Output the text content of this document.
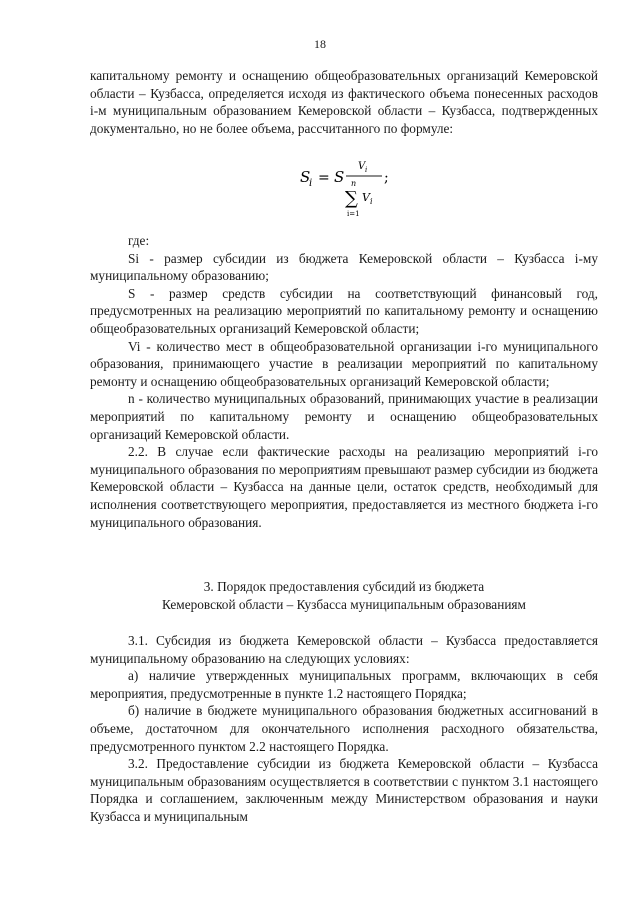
18

капитальному ремонту и оснащению общеобразовательных организаций Кемеровской области – Кузбасса, определяется исходя из фактического объема понесенных расходов i-м муниципальным образованием Кемеровской области – Кузбасса, подтвержденных документально, но не более объема, рассчитанного по формуле:

S
i = S
V i
n
∑ V i
i=1
;

где:

Si - размер субсидии из бюджета Кемеровской области – Кузбасса i-му муниципальному образованию;

S - размер средств субсидии на соответствующий финансовый год, предусмотренных на реализацию мероприятий по капитальному ремонту и оснащению общеобразовательных организаций Кемеровской области;

Vi - количество мест в общеобразовательной организации i-го муниципального образования, принимающего участие в реализации мероприятий по капитальному ремонту и оснащению общеобразовательных организаций Кемеровской области;

n - количество муниципальных образований, принимающих участие в реализации мероприятий по капитальному ремонту и оснащению общеобразовательных организаций Кемеровской области.

2.2. В случае если фактические расходы на реализацию мероприятий i-го муниципального образования по мероприятиям превышают размер субсидии из бюджета Кемеровской области – Кузбасса на данные цели, остаток средств, необходимый для исполнения соответствующего мероприятия, предоставляется из местного бюджета i-го муниципального образования.

3. Порядок предоставления субсидий из бюджета

Кемеровской области – Кузбасса муниципальным образованиям

3.1. Субсидия из бюджета Кемеровской области – Кузбасса предоставляется муниципальному образованию на следующих условиях:

а) наличие утвержденных муниципальных программ, включающих в себя мероприятия, предусмотренные в пункте 1.2 настоящего Порядка;

б) наличие в бюджете муниципального образования бюджетных ассигнований в объеме, достаточном для окончательного исполнения расходного обязательства, предусмотренного пунктом 2.2 настоящего Порядка.

3.2. Предоставление субсидии из бюджета Кемеровской области – Кузбасса муниципальным образованиям осуществляется в соответствии с пунктом 3.1 настоящего Порядка и соглашением, заключенным между Министерством образования и науки Кузбасса и муниципальным
